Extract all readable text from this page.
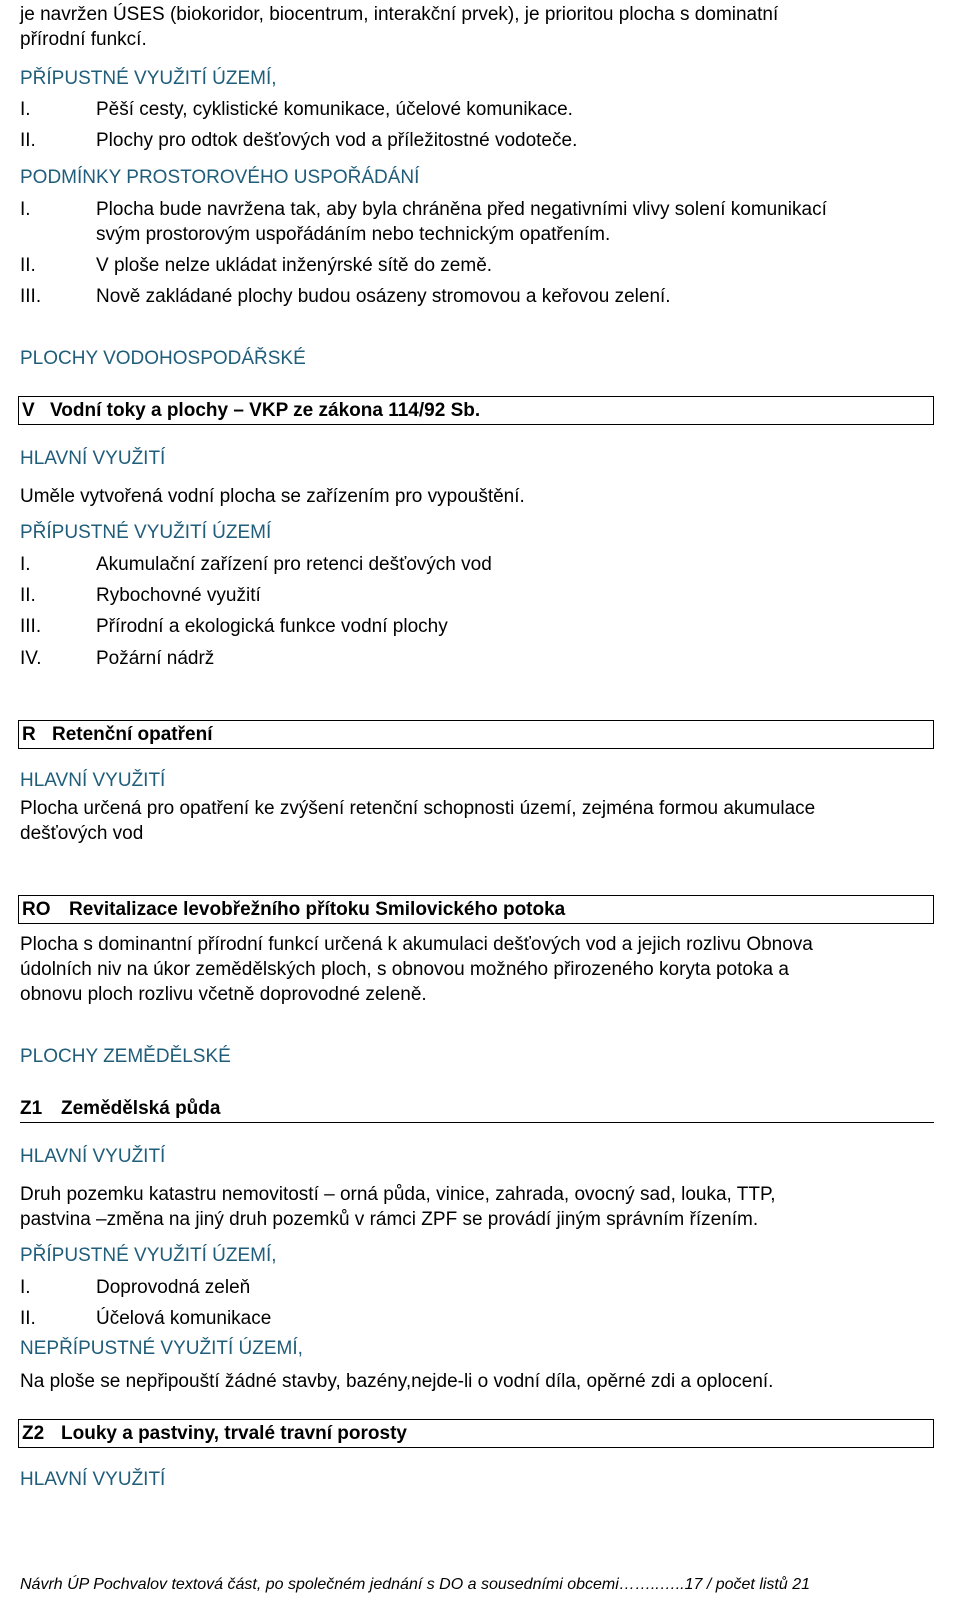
je navržen ÚSES (biokoridor, biocentrum, interakční prvek), je prioritou plocha s dominatní
přírodní funkcí.
PŘÍPUSTNÉ VYUŽITÍ ÚZEMÍ,
I.	Pěší cesty, cyklistické komunikace, účelové komunikace.
II.	Plochy pro odtok dešťových vod a příležitostné vodoteče.
PODMÍNKY PROSTOROVÉHO USPOŘÁDÁNÍ
I.	Plocha bude navržena tak, aby byla chráněna před negativními vlivy solení komunikací
svým prostorovým uspořádáním nebo technickým opatřením.
II.	V ploše nelze ukládat inženýrské sítě do země.
III.	Nově zakládané plochy budou osázeny stromovou a keřovou zelení.
PLOCHY VODOHOSPODÁŘSKÉ
V Vodní toky a plochy – VKP ze zákona 114/92 Sb.
HLAVNÍ VYUŽITÍ
Uměle vytvořená vodní plocha se zařízením pro vypouštění.
PŘÍPUSTNÉ VYUŽITÍ ÚZEMÍ
I.	Akumulační zařízení pro retenci dešťových vod
II.	Rybochovné využití
III.	Přírodní a ekologická funkce vodní plochy
IV.	Požární nádrž
R Retenční opatření
HLAVNÍ VYUŽITÍ
Plocha určená pro opatření ke zvýšení retenční schopnosti území, zejména formou akumulace
dešťových vod
RO Revitalizace levobřežního přítoku Smilovického potoka
Plocha s dominantní přírodní funkcí určená k akumulaci dešťových vod a jejich rozlivu Obnova
údolních niv na úkor zemědělských ploch, s obnovou možného přirozeného koryta potoka a
obnovu ploch rozlivu včetně doprovodné zeleně.
PLOCHY ZEMĚDĚLSKÉ
Z1 Zemědělská půda
HLAVNÍ VYUŽITÍ
Druh pozemku katastru nemovitostí – orná půda, vinice, zahrada, ovocný sad, louka, TTP,
pastvina –změna na jiný druh pozemků v rámci ZPF se provádí jiným správním řízením.
PŘÍPUSTNÉ VYUŽITÍ ÚZEMÍ,
I.	Doprovodná zeleň
II.	Účelová komunikace
NEPŘÍPUSTNÉ VYUŽITÍ ÚZEMÍ,
Na ploše se nepřipouští žádné stavby, bazény,nejde-li o vodní díla, opěrné zdi a oplocení.
Z2 Louky a pastviny, trvalé travní porosty
HLAVNÍ VYUŽITÍ
Návrh ÚP Pochvalov textová část, po společném jednání s DO a sousedními obcemi……..…..17 / počet listů 21
